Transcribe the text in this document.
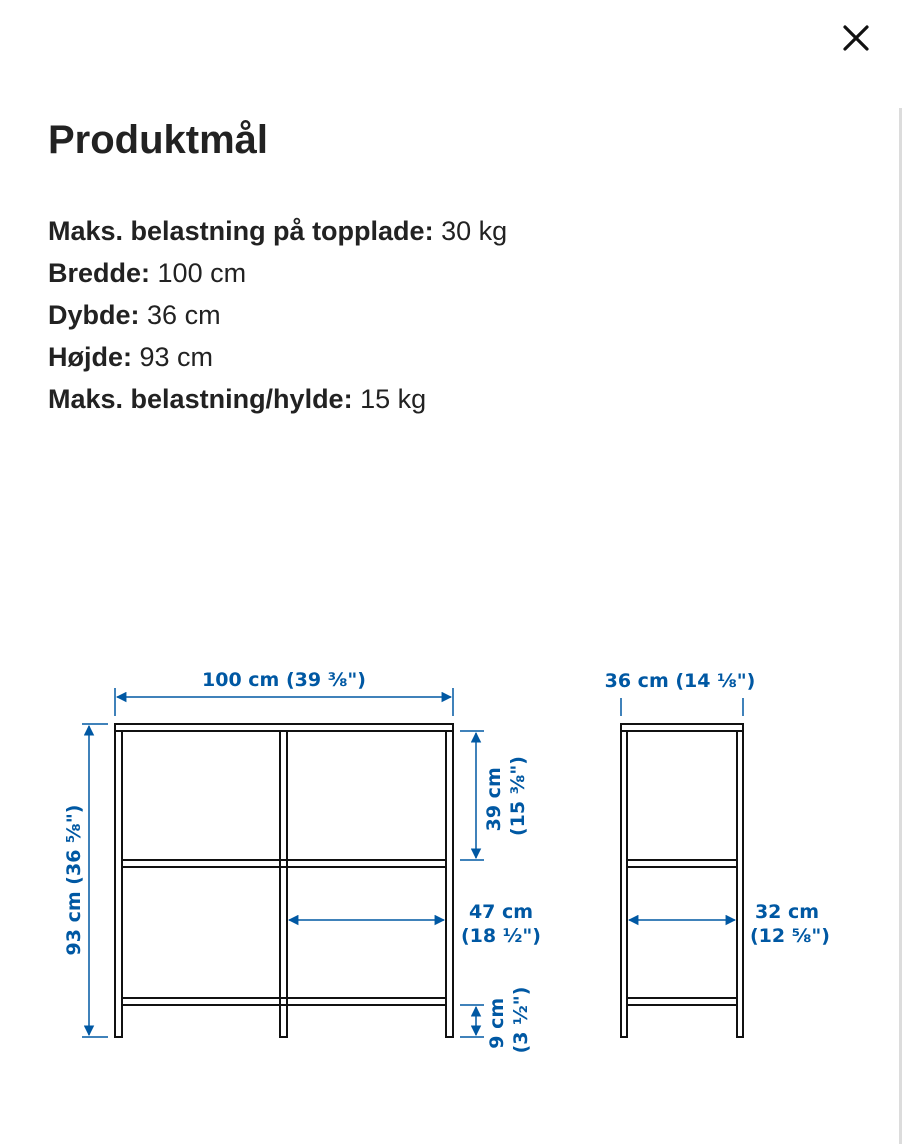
Produktmål
Maks. belastning på topplade: 30 kg
Bredde: 100 cm
Dybde: 36 cm
Højde: 93 cm
Maks. belastning/hylde: 15 kg
100 cm (39 ⅜")
93 cm (36 ⁵⁄₈")
39 cm (15 ⅜")
47 cm
(18 ½")
9 cm (3 ½")
36 cm (14 ⅛")
32 cm
(12 ⅝")
